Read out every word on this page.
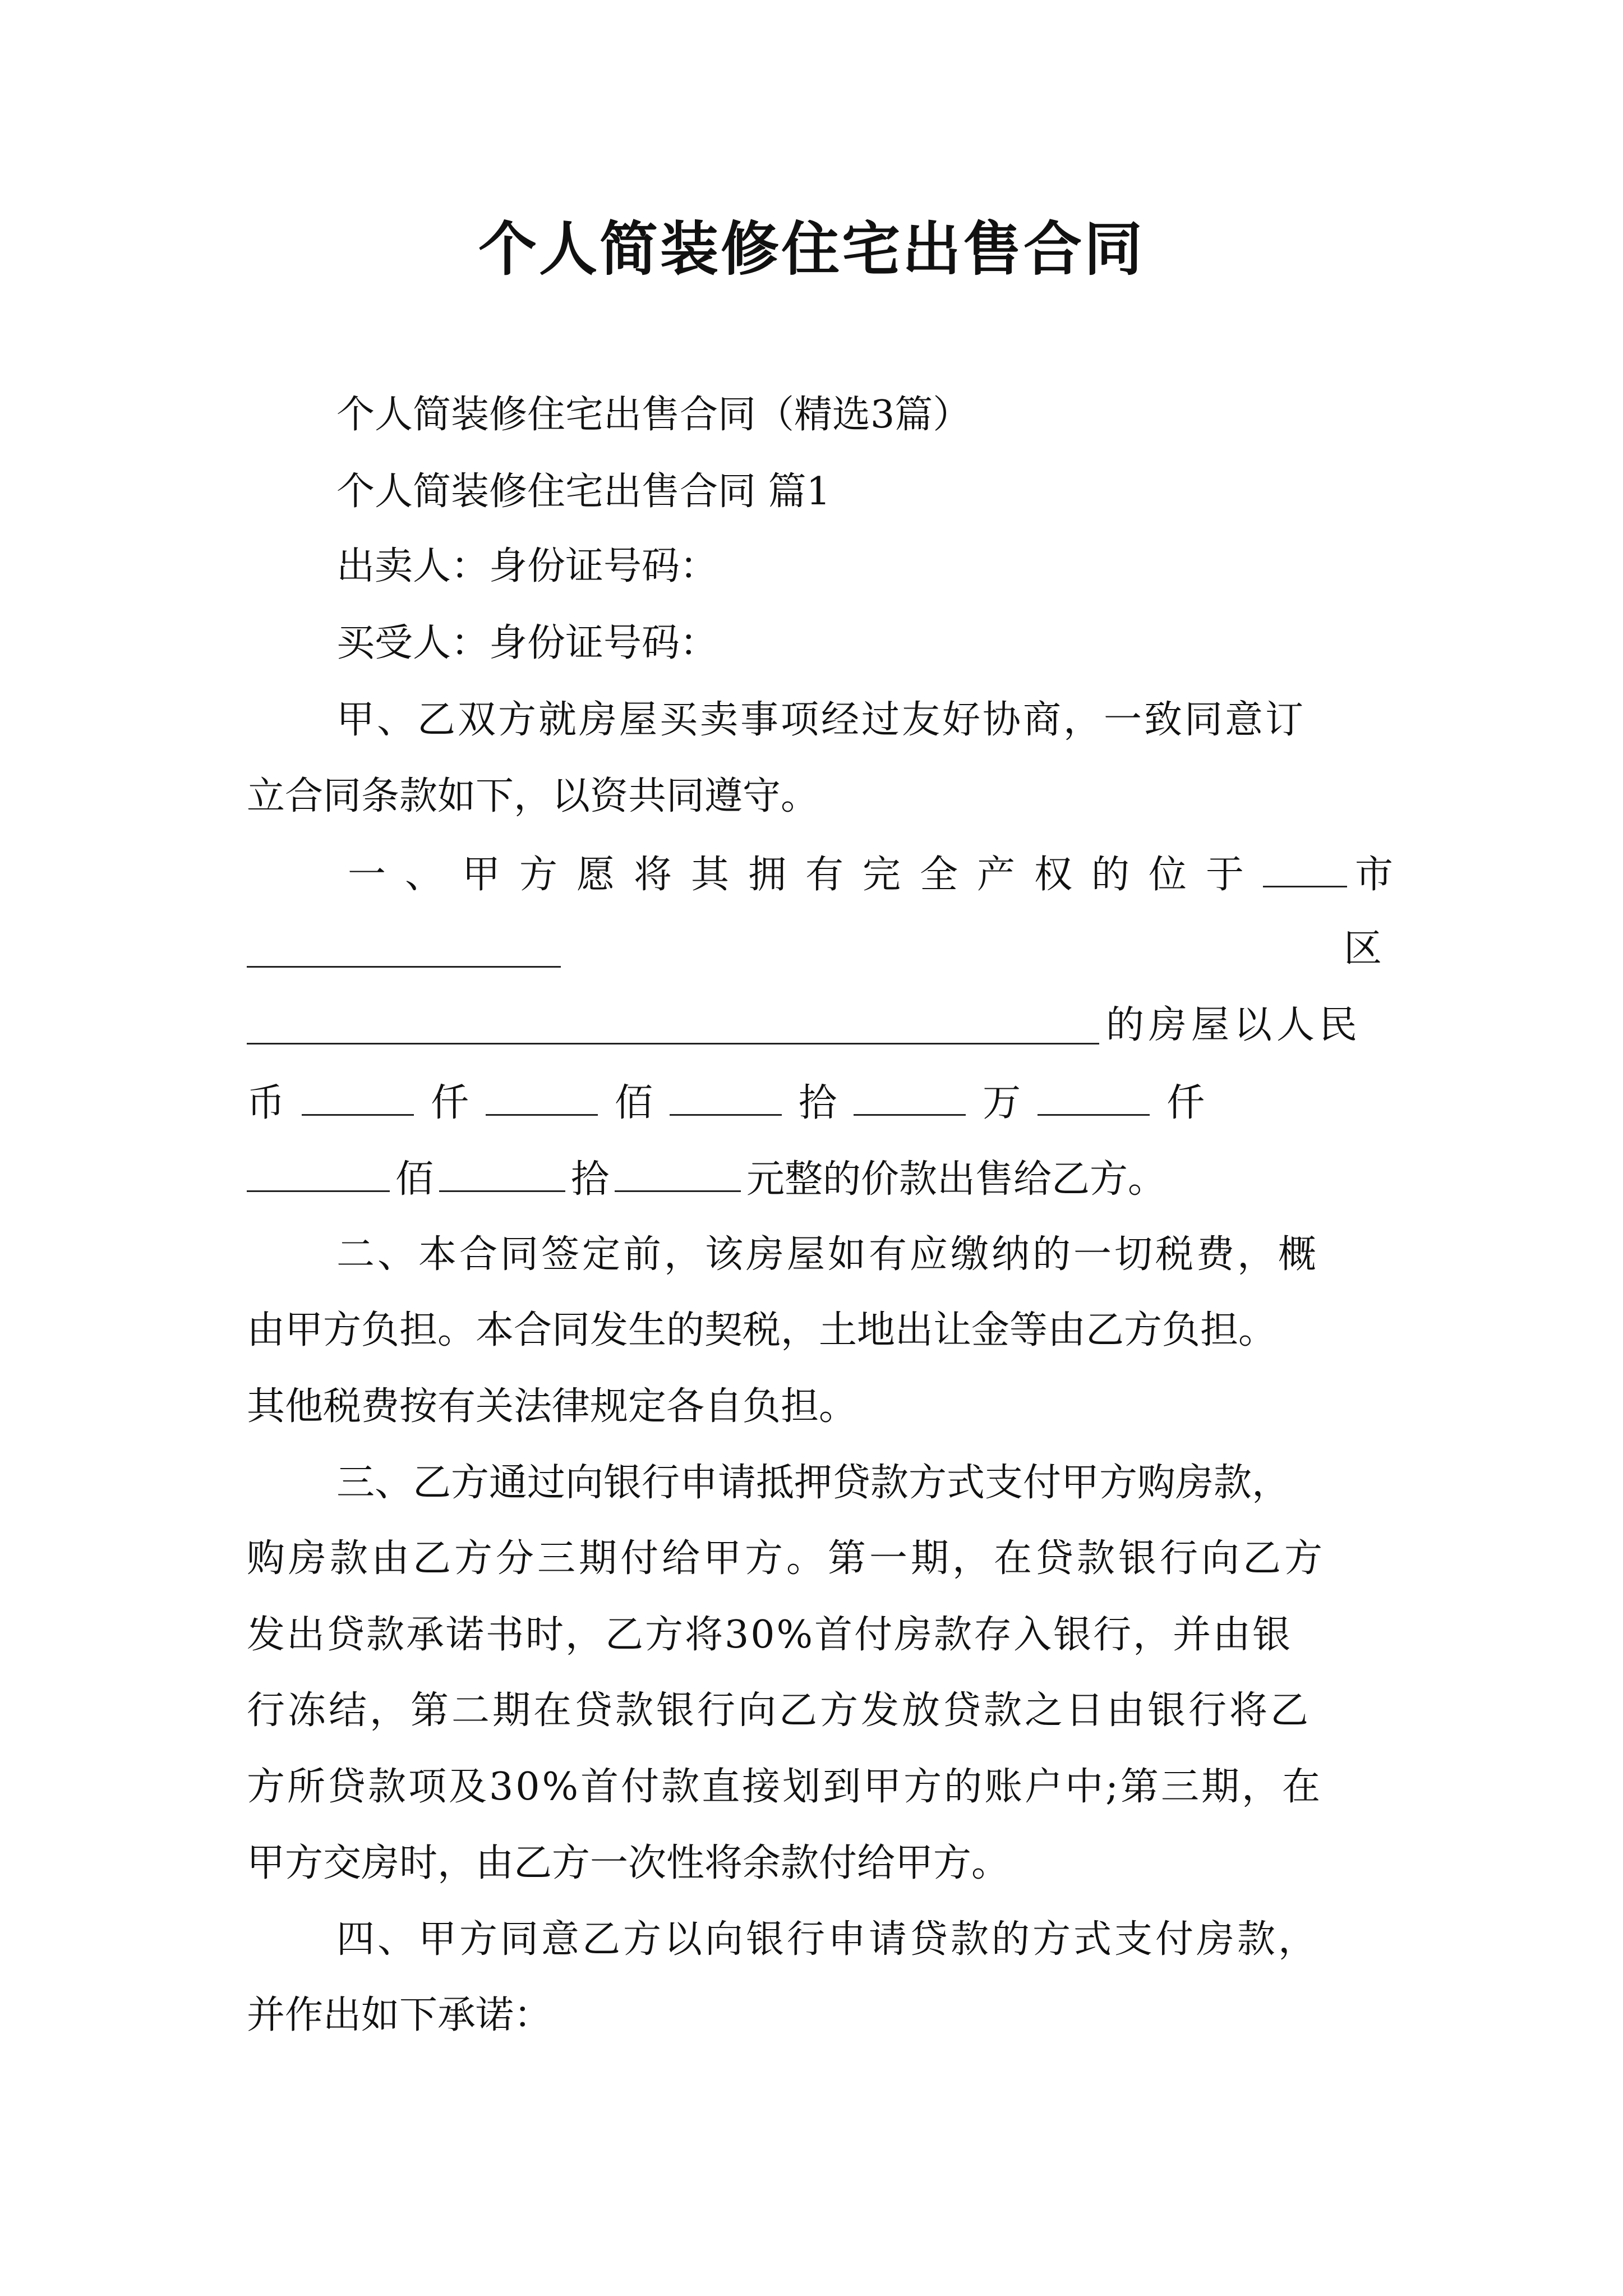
个人简装修住宅出售合同

个人简装修住宅出售合同（精选3篇）

个人简装修住宅出售合同 篇1

出卖人：身份证号码：

买受人：身份证号码：

甲、乙双方就房屋买卖事项经过友好协商，一致同意订

立合同条款如下，以资共同遵守。

一、甲方愿将其拥有完全产权的位于 市

区

的房屋以人民

币	仟	佰	拾	万	仟

佰	拾	元整的价款出售给乙方。

二、本合同签定前，该房屋如有应缴纳的一切税费，概

由甲方负担。本合同发生的契税，土地出让金等由乙方负担。

其他税费按有关法律规定各自负担。

三、乙方通过向银行申请抵押贷款方式支付甲方购房款，

购房款由乙方分三期付给甲方。第一期，在贷款银行向乙方

发出贷款承诺书时，乙方将30%首付房款存入银行，并由银

行冻结，第二期在贷款银行向乙方发放贷款之日由银行将乙

方所贷款项及30%首付款直接划到甲方的账户中;第三期，在

甲方交房时，由乙方一次性将余款付给甲方。

四、甲方同意乙方以向银行申请贷款的方式支付房款，

并作出如下承诺：
